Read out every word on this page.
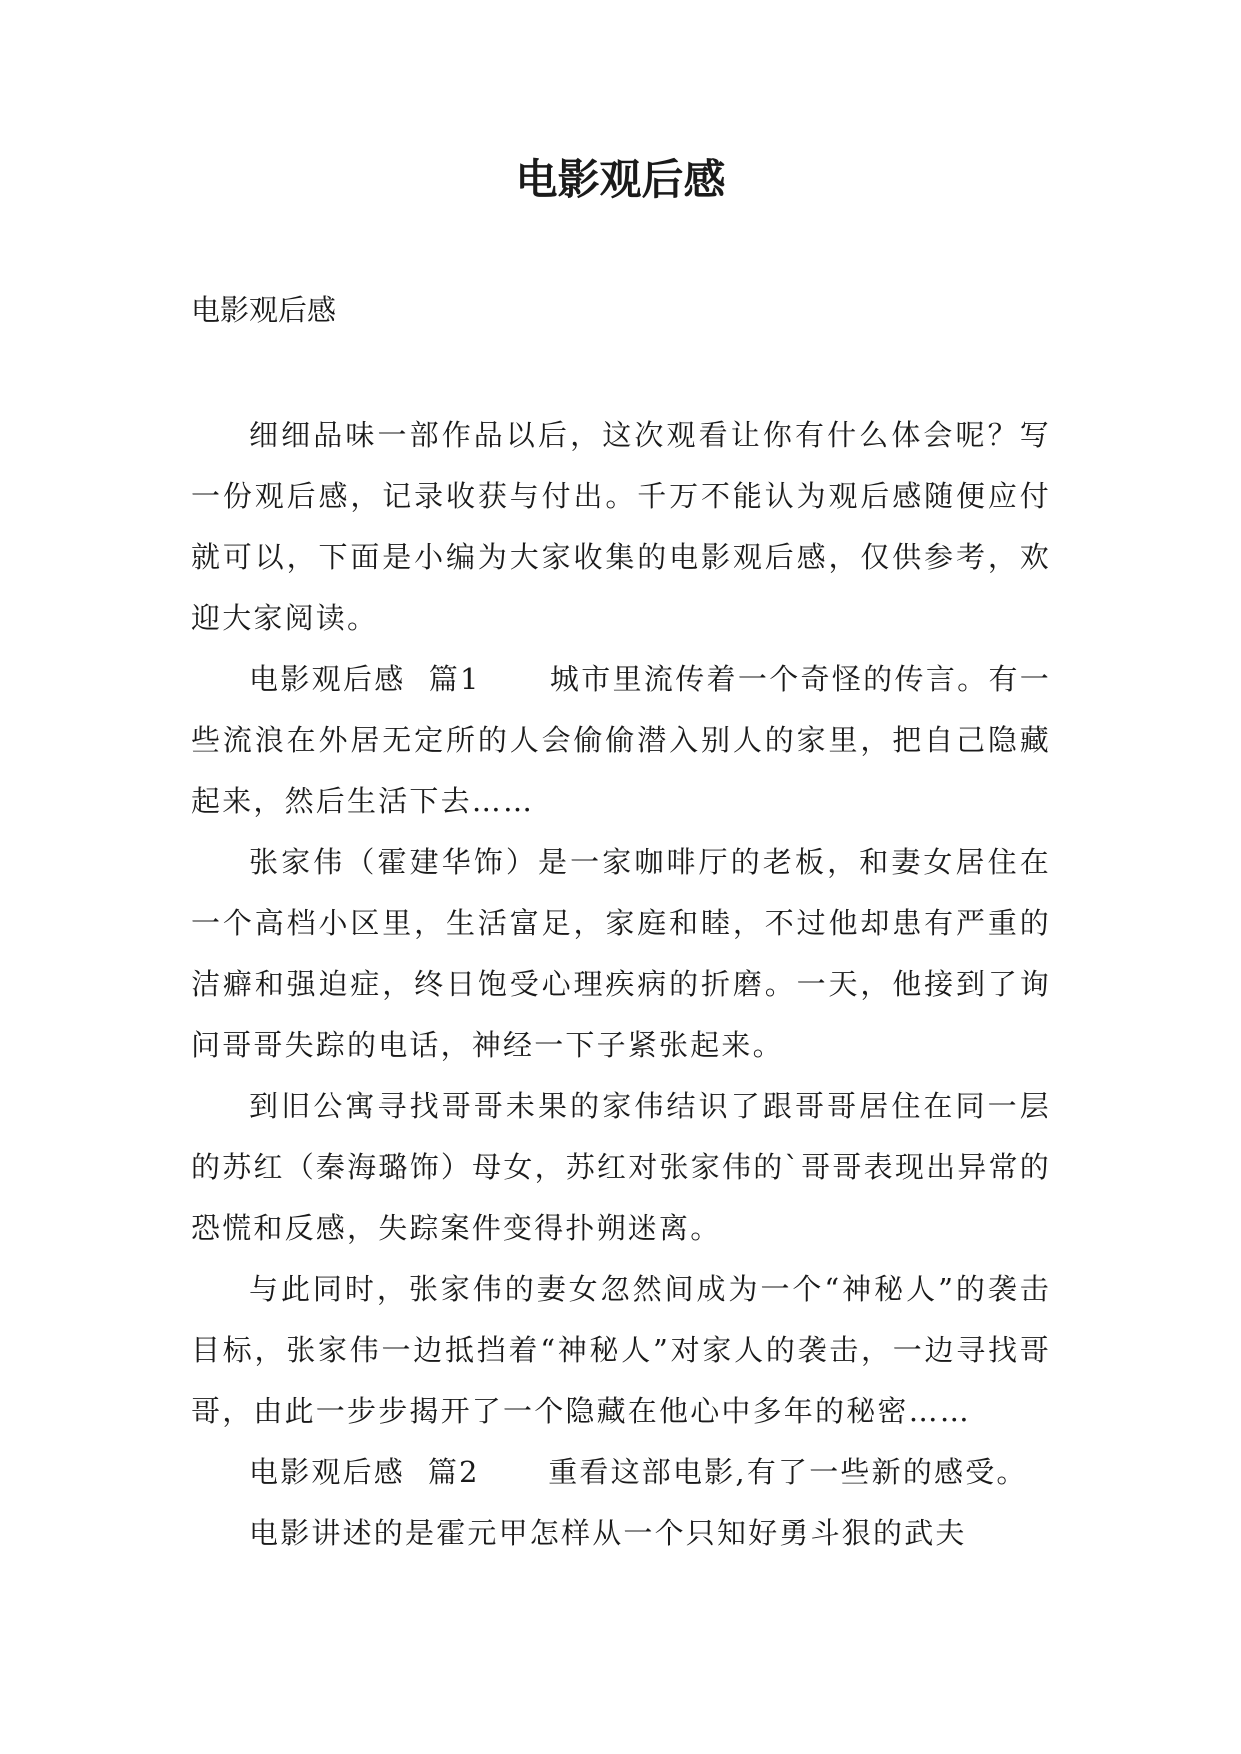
电影观后感

电影观后感

细细品味一部作品以后，这次观看让你有什么体会呢？写一份观后感，记录收获与付出。千万不能认为观后感随便应付就可以，下面是小编为大家收集的电影观后感，仅供参考，欢迎大家阅读。

电影观后感  篇1      城市里流传着一个奇怪的传言。有一些流浪在外居无定所的人会偷偷潜入别人的家里，把自己隐藏起来，然后生活下去……

张家伟（霍建华饰）是一家咖啡厅的老板，和妻女居住在一个高档小区里，生活富足，家庭和睦，不过他却患有严重的洁癖和强迫症，终日饱受心理疾病的折磨。一天，他接到了询问哥哥失踪的电话，神经一下子紧张起来。

到旧公寓寻找哥哥未果的家伟结识了跟哥哥居住在同一层的苏红（秦海璐饰）母女，苏红对张家伟的`哥哥表现出异常的恐慌和反感，失踪案件变得扑朔迷离。

与此同时，张家伟的妻女忽然间成为一个“神秘人”的袭击目标，张家伟一边抵挡着“神秘人”对家人的袭击，一边寻找哥哥，由此一步步揭开了一个隐藏在他心中多年的秘密……

电影观后感  篇2      重看这部电影,有了一些新的感受。

电影讲述的是霍元甲怎样从一个只知好勇斗狠的武夫
